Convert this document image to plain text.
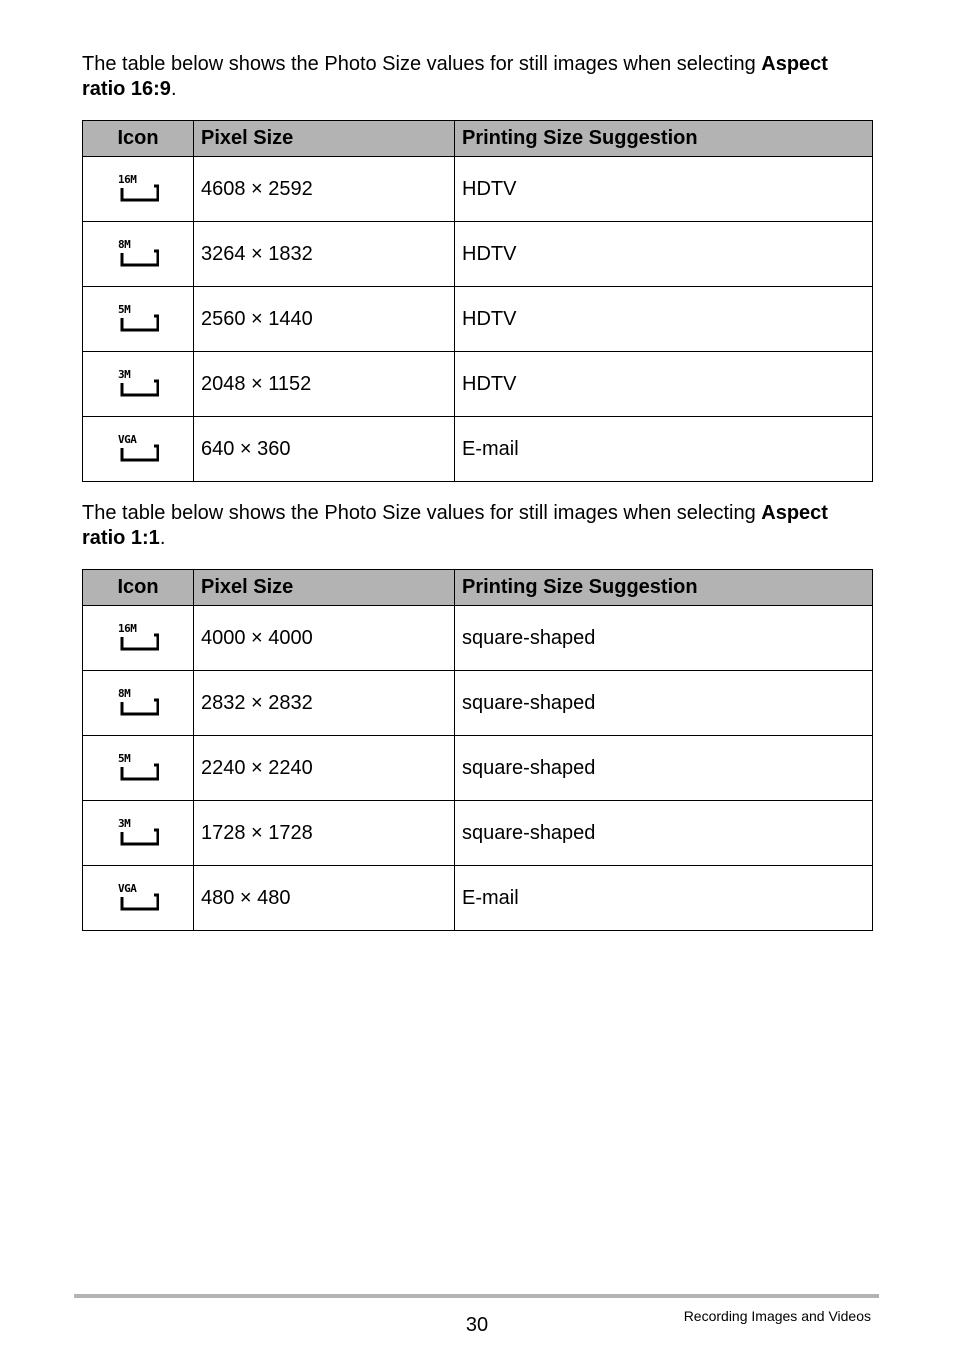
The table below shows the Photo Size values for still images when selecting Aspect ratio 16:9.

Icon	Pixel Size	Printing Size Suggestion

16M	4608 × 2592	HDTV

8M	3264 × 1832	HDTV

5M	2560 × 1440	HDTV

3M	2048 × 1152	HDTV

VGA	640 × 360	E-mail

The table below shows the Photo Size values for still images when selecting Aspect ratio 1:1.

Icon	Pixel Size	Printing Size Suggestion

16M	4000 × 4000	square-shaped

8M	2832 × 2832	square-shaped

5M	2240 × 2240	square-shaped

3M	1728 × 1728	square-shaped

VGA	480 × 480	E-mail
30	Recording Images and Videos
